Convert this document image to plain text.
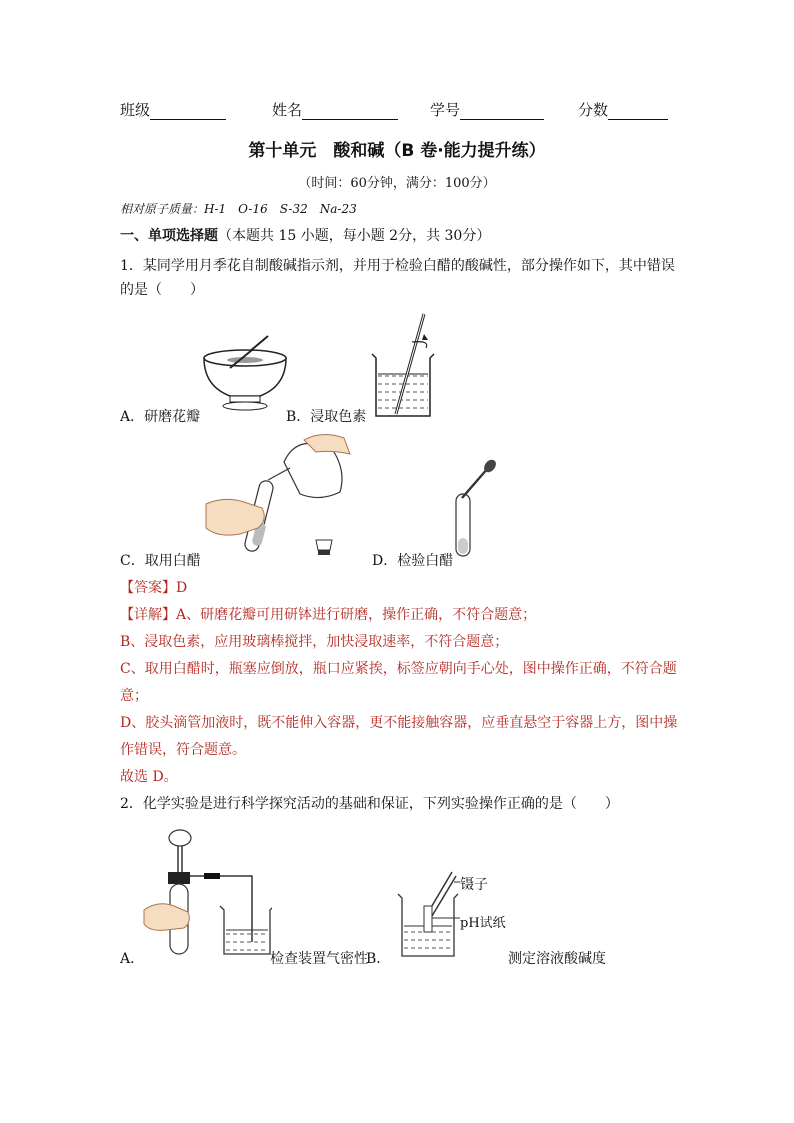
班级	姓名	学号	分数
第十单元　酸和碱（B 卷·能力提升练）
（时间：60分钟，满分：100分）
相对原子质量：H-1　O-16　S-32　Na-23
一、单项选择题（本题共 15 小题，每小题 2分，共 30分）
1．某同学用月季花自制酸碱指示剂，并用于检验白醋的酸碱性，部分操作如下，其中错误
的是（　　）
A．研磨花瓣	B．浸取色素
C．取用白醋	D．检验白醋
【答案】D
【详解】A、研磨花瓣可用研钵进行研磨，操作正确，不符合题意；
B、浸取色素，应用玻璃棒搅拌，加快浸取速率，不符合题意；
C、取用白醋时，瓶塞应倒放，瓶口应紧挨，标签应朝向手心处，图中操作正确，不符合题
意；
D、胶头滴管加液时，既不能伸入容器，更不能接触容器，应垂直悬空于容器上方，图中操
作错误，符合题意。
故选 D。
2．化学实验是进行科学探究活动的基础和保证，下列实验操作正确的是（　　）
A．	检查装置气密性
镊子
pH试纸
B．	测定溶液酸碱度
